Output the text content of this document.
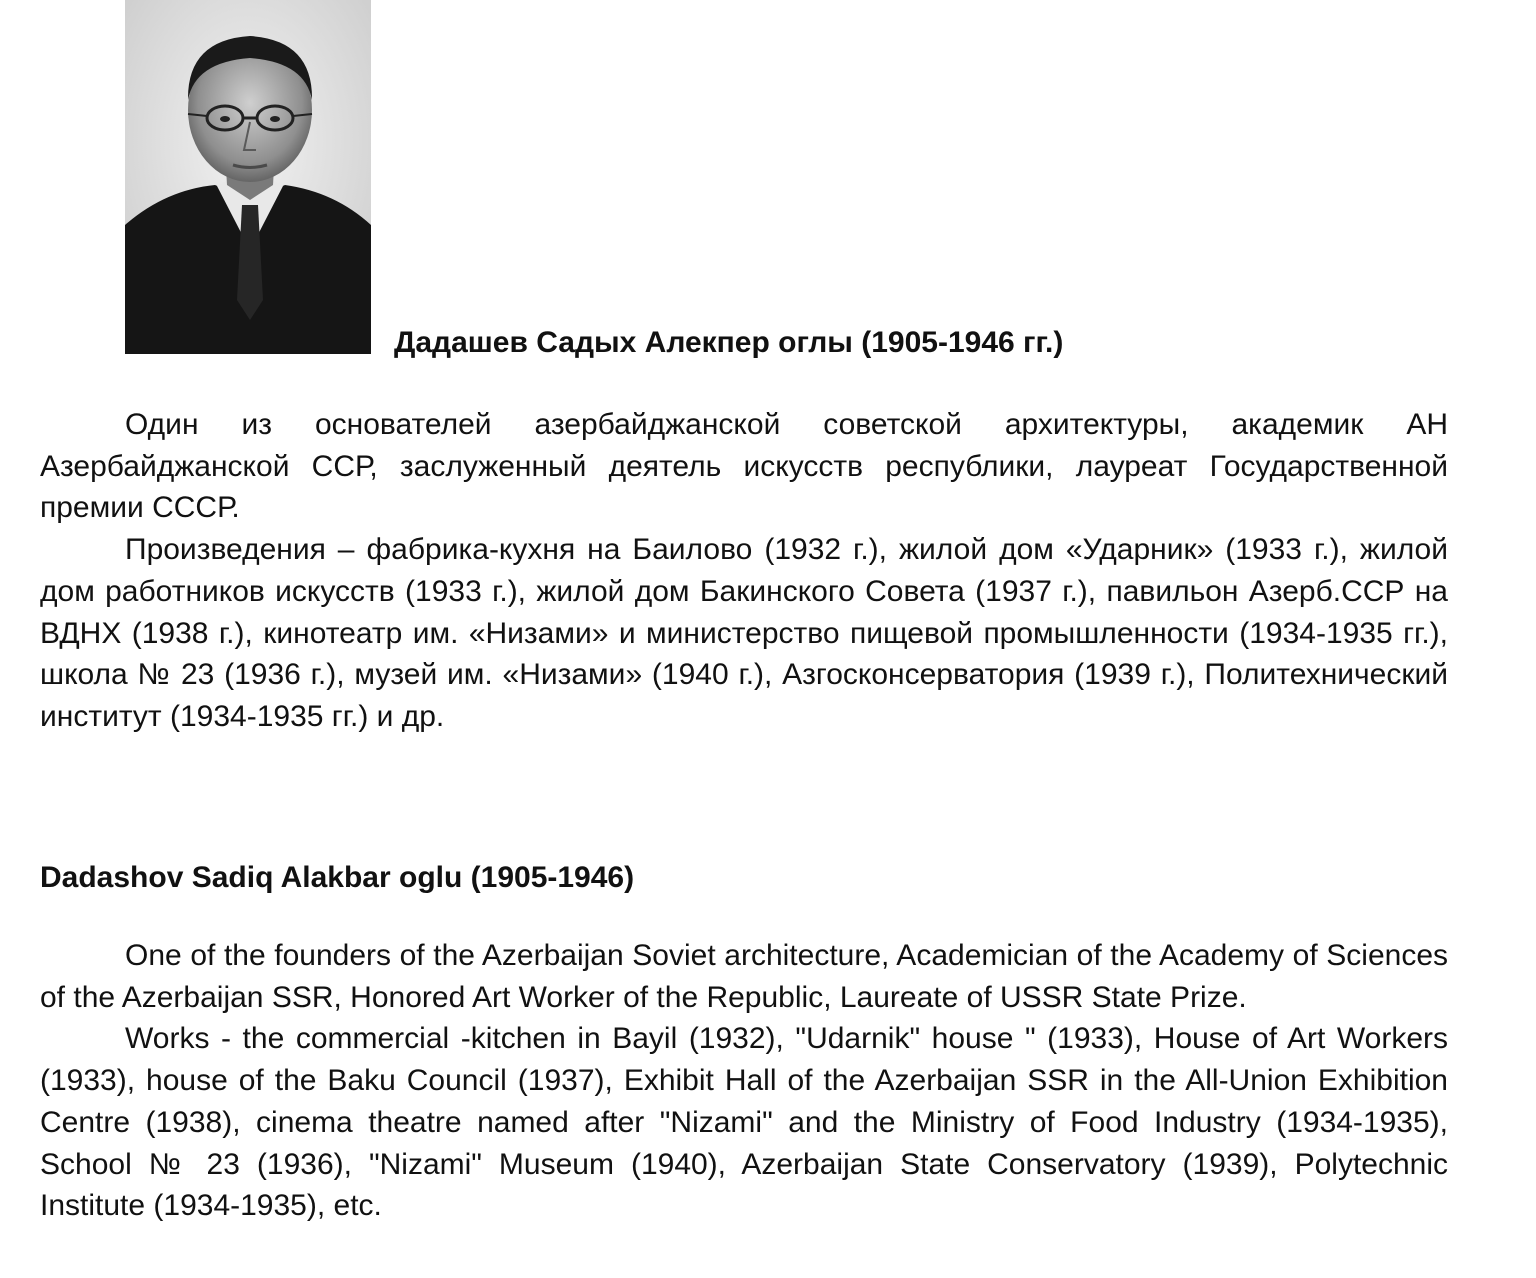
Дадашев Садых Алекпер оглы (1905-1946 гг.)

Один из основателей азербайджанской советской архитектуры, академик АН Азербайджанской ССР, заслуженный деятель искусств республики, лауреат Государственной премии СССР.

Произведения – фабрика-кухня на Баилово (1932 г.), жилой дом «Ударник» (1933 г.), жилой дом работников искусств (1933 г.), жилой дом Бакинского Совета (1937 г.), павильон Азерб.ССР на ВДНХ (1938 г.), кинотеатр им. «Низами» и министерство пищевой промышленности (1934-1935 гг.), школа № 23 (1936 г.), музей им. «Низами» (1940 г.), Азгосконсерватория (1939 г.), Политехнический институт (1934-1935 гг.) и др.

Dadashov Sadiq Alakbar oglu (1905-1946)

One of the founders of the Azerbaijan Soviet architecture, Academician of the Academy of Sciences of the Azerbaijan SSR, Honored Art Worker of the Republic, Laureate of USSR State Prize.

Works - the commercial -kitchen in Bayil (1932), "Udarnik" house " (1933), House of Art Workers (1933), house of the Baku Council (1937), Exhibit Hall of the Azerbaijan SSR in the All-Union Exhibition Centre (1938), cinema theatre named after "Nizami" and the Ministry of Food Industry (1934-1935), School № 23 (1936), "Nizami" Museum (1940), Azerbaijan State Conservatory (1939), Polytechnic Institute (1934-1935), etc.
